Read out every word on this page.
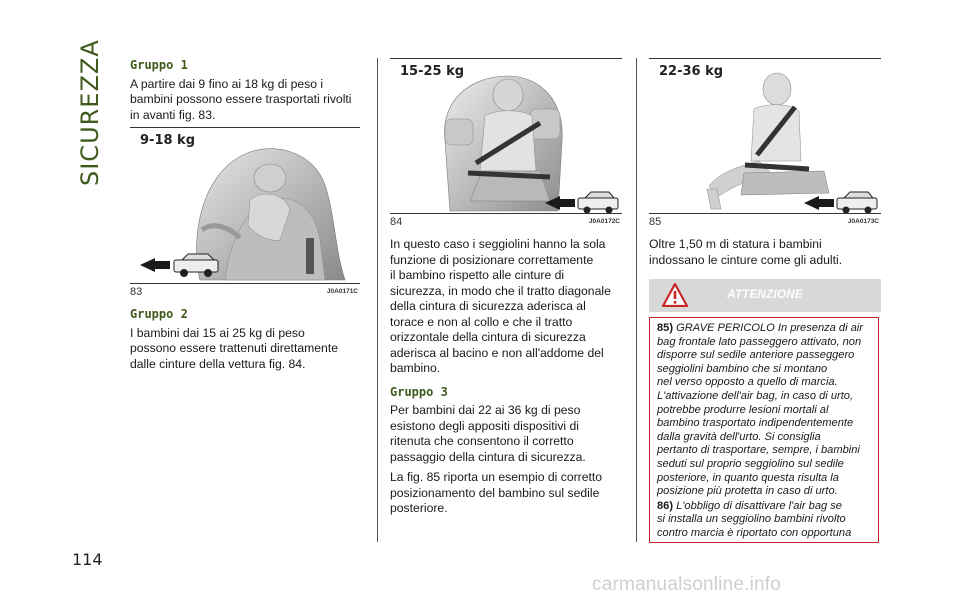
SICUREZZA
114
Gruppo 1

A partire dai 9 fino ai 18 kg di peso i
bambini possono essere trasportati rivolti
in avanti fig. 83.

9-18 kg
J0A0171C
83
Gruppo 2

I bambini dai 15 ai 25 kg di peso
possono essere trattenuti direttamente
dalle cinture della vettura fig. 84.

15-25 kg
J0A0172C
84

In questo caso i seggiolini hanno la sola
funzione di posizionare correttamente
il bambino rispetto alle cinture di
sicurezza, in modo che il tratto diagonale
della cintura di sicurezza aderisca al
torace e non al collo e che il tratto
orizzontale della cintura di sicurezza
aderisca al bacino e non all'addome del
bambino.

Gruppo 3

Per bambini dai 22 ai 36 kg di peso
esistono degli appositi dispositivi di
ritenuta che consentono il corretto
passaggio della cintura di sicurezza.

La fig. 85 riporta un esempio di corretto
posizionamento del bambino sul sedile
posteriore.

22-36 kg
J0A0173C
85

Oltre 1,50 m di statura i bambini
indossano le cinture come gli adulti.

ATTENZIONE

85) GRAVE PERICOLO In presenza di air
bag frontale lato passeggero attivato, non
disporre sul sedile anteriore passeggero
seggiolini bambino che si montano
nel verso opposto a quello di marcia.
L'attivazione dell'air bag, in caso di urto,
potrebbe produrre lesioni mortali al
bambino trasportato indipendentemente
dalla gravità dell'urto. Si consiglia
pertanto di trasportare, sempre, i bambini
seduti sul proprio seggiolino sul sedile
posteriore, in quanto questa risulta la
posizione più protetta in caso di urto.

86) L'obbligo di disattivare l'air bag se
si installa un seggiolino bambini rivolto
contro marcia è riportato con opportuna

carmanualsonline.info
